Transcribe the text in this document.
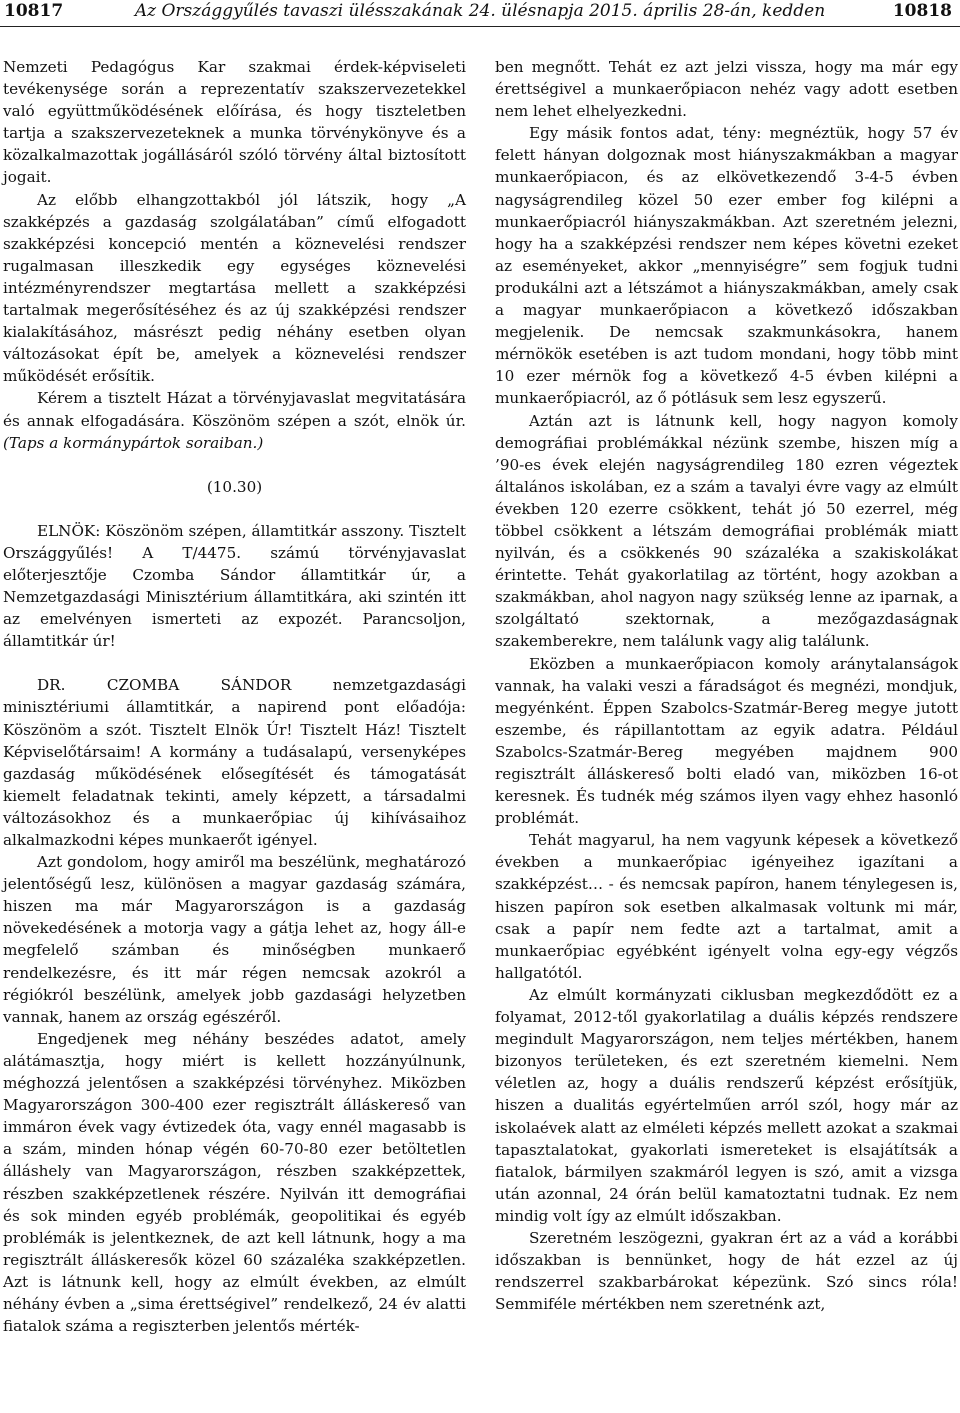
10817	Az Országgyűlés tavaszi ülésszakának 24. ülésnapja 2015. április 28-án, kedden	10818

Nemzeti Pedagógus Kar szakmai érdek-képviseleti tevékenysége során a reprezentatív szakszervezetekkel való együttműködésének előírása, és hogy tiszteletben tartja a szakszervezeteknek a munka törvénykönyve és a közalkalmazottak jogállásáról szóló törvény által biztosított jogait.

Az előbb elhangzottakból jól látszik, hogy „A szakképzés a gazdaság szolgálatában” című elfogadott szakképzési koncepció mentén a köznevelési rendszer rugalmasan illeszkedik egy egységes köznevelési intézményrendszer megtartása mellett a szakképzési tartalmak megerősítéséhez és az új szakképzési rendszer kialakításához, másrészt pedig néhány esetben olyan változásokat épít be, amelyek a köznevelési rendszer működését erősítik.

Kérem a tisztelt Házat a törvényjavaslat megvitatására és annak elfogadására. Köszönöm szépen a szót, elnök úr. (Taps a kormánypártok soraiban.)

(10.30)

ELNÖK: Köszönöm szépen, államtitkár asszony. Tisztelt Országgyűlés! A T/4475. számú törvényjavaslat előterjesztője Czomba Sándor államtitkár úr, a Nemzetgazdasági Minisztérium államtitkára, aki szintén itt az emelvényen ismerteti az expozét. Parancsoljon, államtitkár úr!

DR. CZOMBA SÁNDOR nemzetgazdasági minisztériumi államtitkár, a napirend pont előadója: Köszönöm a szót. Tisztelt Elnök Úr! Tisztelt Ház! Tisztelt Képviselőtársaim! A kormány a tudásalapú, versenyképes gazdaság működésének elősegítését és támogatását kiemelt feladatnak tekinti, amely képzett, a társadalmi változásokhoz és a munkaerőpiac új kihívásaihoz alkalmazkodni képes munkaerőt igényel.

Azt gondolom, hogy amiről ma beszélünk, meghatározó jelentőségű lesz, különösen a magyar gazdaság számára, hiszen ma már Magyarországon is a gazdaság növekedésének a motorja vagy a gátja lehet az, hogy áll-e megfelelő számban és minőségben munkaerő rendelkezésre, és itt már régen nemcsak azokról a régiókról beszélünk, amelyek jobb gazdasági helyzetben vannak, hanem az ország egészéről.

Engedjenek meg néhány beszédes adatot, amely alátámasztja, hogy miért is kellett hozzányúlnunk, méghozzá jelentősen a szakképzési törvényhez. Miközben Magyarországon 300-400 ezer regisztrált álláskereső van immáron évek vagy évtizedek óta, vagy ennél magasabb is a szám, minden hónap végén 60-70-80 ezer betöltetlen álláshely van Magyarországon, részben szakképzettek, részben szakképzetlenek részére. Nyilván itt demográfiai és sok minden egyéb problémák, geopolitikai és egyéb problémák is jelentkeznek, de azt kell látnunk, hogy a ma regisztrált álláskeresők közel 60 százaléka szakképzetlen. Azt is látnunk kell, hogy az elmúlt években, az elmúlt néhány évben a „sima érettségivel” rendelkező, 24 év alatti fiatalok száma a regiszterben jelentős mérték-

ben megnőtt. Tehát ez azt jelzi vissza, hogy ma már egy érettségivel a munkaerőpiacon nehéz vagy adott esetben nem lehet elhelyezkedni.

Egy másik fontos adat, tény: megnéztük, hogy 57 év felett hányan dolgoznak most hiányszakmákban a magyar munkaerőpiacon, és az elkövetkezendő 3-4-5 évben nagyságrendileg közel 50 ezer ember fog kilépni a munkaerőpiacról hiányszakmákban. Azt szeretném jelezni, hogy ha a szakképzési rendszer nem képes követni ezeket az eseményeket, akkor „mennyiségre” sem fogjuk tudni produkálni azt a létszámot a hiányszakmákban, amely csak a magyar munkaerőpiacon a következő időszakban megjelenik. De nemcsak szakmunkásokra, hanem mérnökök esetében is azt tudom mondani, hogy több mint 10 ezer mérnök fog a következő 4-5 évben kilépni a munkaerőpiacról, az ő pótlásuk sem lesz egyszerű.

Aztán azt is látnunk kell, hogy nagyon komoly demográfiai problémákkal nézünk szembe, hiszen míg a ’90-es évek elején nagyságrendileg 180 ezren végeztek általános iskolában, ez a szám a tavalyi évre vagy az elmúlt években 120 ezerre csökkent, tehát jó 50 ezerrel, még többel csökkent a létszám demográfiai problémák miatt nyilván, és a csökkenés 90 százaléka a szakiskolákat érintette. Tehát gyakorlatilag az történt, hogy azokban a szakmákban, ahol nagyon nagy szükség lenne az iparnak, a szolgáltató szektornak, a mezőgazdaságnak szakemberekre, nem találunk vagy alig találunk.

Eközben a munkaerőpiacon komoly aránytalanságok vannak, ha valaki veszi a fáradságot és megnézi, mondjuk, megyénként. Éppen Szabolcs-Szatmár-Bereg megye jutott eszembe, és rápillantottam az egyik adatra. Például Szabolcs-Szatmár-Bereg megyében majdnem 900 regisztrált álláskereső bolti eladó van, miközben 16-ot keresnek. És tudnék még számos ilyen vagy ehhez hasonló problémát.

Tehát magyarul, ha nem vagyunk képesek a következő években a munkaerőpiac igényeihez igazítani a szakképzést… - és nemcsak papíron, hanem ténylegesen is, hiszen papíron sok esetben alkalmasak voltunk mi már, csak a papír nem fedte azt a tartalmat, amit a munkaerőpiac egyébként igényelt volna egy-egy végzős hallgatótól.

Az elmúlt kormányzati ciklusban megkezdődött ez a folyamat, 2012-től gyakorlatilag a duális képzés rendszere megindult Magyarországon, nem teljes mértékben, hanem bizonyos területeken, és ezt szeretném kiemelni. Nem véletlen az, hogy a duális rendszerű képzést erősítjük, hiszen a dualitás egyértelműen arról szól, hogy már az iskolaévek alatt az elméleti képzés mellett azokat a szakmai tapasztalatokat, gyakorlati ismereteket is elsajátítsák a fiatalok, bármilyen szakmáról legyen is szó, amit a vizsga után azonnal, 24 órán belül kamatoztatni tudnak. Ez nem mindig volt így az elmúlt időszakban.

Szeretném leszögezni, gyakran ért az a vád a korábbi időszakban is bennünket, hogy de hát ezzel az új rendszerrel szakbarbárokat képezünk. Szó sincs róla! Semmiféle mértékben nem szeretnénk azt,
